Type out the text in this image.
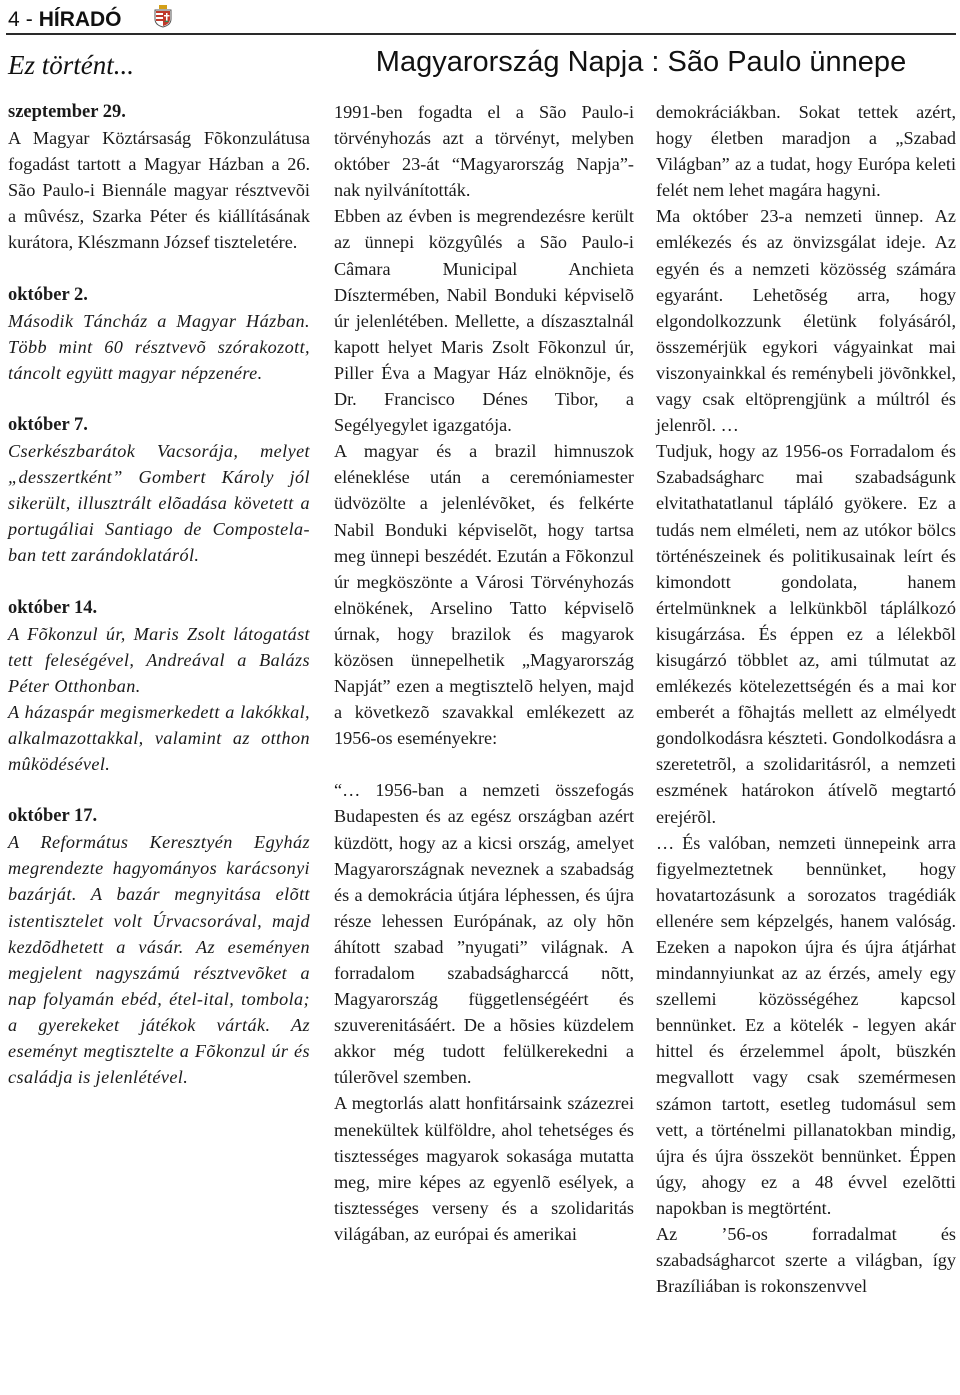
4 - HÍRADÓ
Ez történt...	Magyarország Napja : São Paulo ünnepe

szeptember 29.

A Magyar Köztársaság Fõkonzulátusa fogadást tartott a Magyar Házban a 26. São Paulo-i Biennále magyar résztvevõi a mûvész, Szarka Péter és kiállításának kurátora, Klészmann József tiszteletére.

október 2.

Második Táncház a Magyar Házban. Több mint 60 résztvevõ szórakozott, táncolt együtt magyar népzenére.

október 7.

Cserkészbarátok Vacsorája, melyet „desszertként” Gombert Károly jól sikerült, illusztrált elõadása követett a portugáliai Santiago de Compostela-ban tett zarándoklatáról.

október 14.

A Fõkonzul úr, Maris Zsolt látogatást tett feleségével, Andreával a Balázs Péter Otthonban.

A házaspár megismerkedett a lakókkal, alkalmazottakkal, valamint az otthon mûködésével.

október 17.

A Református Keresztyén Egyház megrendezte hagyományos karácsonyi bazárját. A bazár megnyitása elõtt istentisztelet volt Úrvacsorával, majd kezdõdhetett a vásár. Az eseményen megjelent nagyszámú résztvevõket a nap folyamán ebéd, étel-ital, tombola; a gyerekeket játékok várták. Az eseményt megtisztelte a Fõkonzul úr és családja is jelenlétével.

1991-ben fogadta el a São Paulo-i törvényhozás azt a törvényt, melyben október 23-át “Magyarország Napja”- nak nyilvánították.

Ebben az évben is megrendezésre került az ünnepi közgyûlés a São Paulo-i Câmara Municipal Anchieta Dísztermében, Nabil Bonduki képviselõ úr jelenlétében. Mellette, a díszasztalnál kapott helyet Maris Zsolt Fõkonzul úr, Piller Éva a Magyar Ház elnöknõje, és Dr. Francisco Dénes Tibor, a Segélyegylet igazgatója.

A magyar és a brazil himnuszok eléneklése után a ceremóniamester üdvözölte a jelenlévõket, és felkérte Nabil Bonduki képviselõt, hogy tartsa meg ünnepi beszédét. Ezután a Fõkonzul úr megköszönte a Városi Törvényhozás elnökének, Arselino Tatto képviselõ úrnak, hogy brazilok és magyarok közösen ünnepelhetik „Magyarország Napját” ezen a megtisztelõ helyen, majd a következõ szavakkal emlékezett az 1956-os eseményekre:

“… 1956-ban a nemzeti összefogás Budapesten és az egész országban azért küzdött, hogy az a kicsi ország, amelyet Magyarországnak neveznek a szabadság és a demokrácia útjára léphessen, és újra része lehessen Európának, az oly hõn áhított szabad ”nyugati” világnak. A forradalom szabadságharccá nõtt, Magyarország függetlenségéért és szuverenitásáért. De a hõsies küzdelem akkor még tudott felülkerekedni a túlerõvel szemben.

A megtorlás alatt honfitársaink százezrei menekültek külföldre, ahol tehetséges és tisztességes magyarok sokasága mutatta meg, mire képes az egyenlõ esélyek, a tisztességes verseny és a szolidaritás világában, az európai és amerikai

demokráciákban. Sokat tettek azért, hogy életben maradjon a „Szabad Világban” az a tudat, hogy Európa keleti felét nem lehet magára hagyni.

Ma október 23-a nemzeti ünnep. Az emlékezés és az önvizsgálat ideje. Az egyén és a nemzeti közösség számára egyaránt. Lehetõség arra, hogy elgondolkozzunk életünk folyásáról, összemérjük egykori vágyainkat mai viszonyainkkal és reménybeli jövõnkkel, vagy csak eltöprengjünk a múltról és jelenrõl. …

Tudjuk, hogy az 1956-os Forradalom és Szabadságharc mai szabadságunk elvitathatatlanul tápláló gyökere. Ez a tudás nem elméleti, nem az utókor bölcs történészeinek és politikusainak leírt és kimondott gondolata, hanem értelmünknek a lelkünkbõl táplálkozó kisugárzása. És éppen ez a lélekbõl kisugárzó többlet az, ami túlmutat az emlékezés kötelezettségén és a mai kor emberét a fõhajtás mellett az elmélyedt gondolkodásra készteti. Gondolkodásra a szeretetrõl, a szolidaritásról, a nemzeti eszmének határokon átívelõ megtartó erejérõl.

… És valóban, nemzeti ünnepeink arra figyelmeztetnek bennünket, hogy hovatartozásunk a sorozatos tragédiák ellenére sem képzelgés, hanem valóság. Ezeken a napokon újra és újra átjárhat mindannyiunkat az az érzés, amely egy szellemi közösségéhez kapcsol bennünket. Ez a kötelék - legyen akár hittel és érzelemmel ápolt, büszkén megvallott vagy csak szemérmesen számon tartott, esetleg tudomásul sem vett, a történelmi pillanatokban mindig, újra és újra összeköt bennünket. Éppen úgy, ahogy ez a 48 évvel ezelõtti napokban is megtörtént.

Az ’56-os forradalmat és szabadságharcot szerte a világban, így Brazíliában is rokonszenvvel
